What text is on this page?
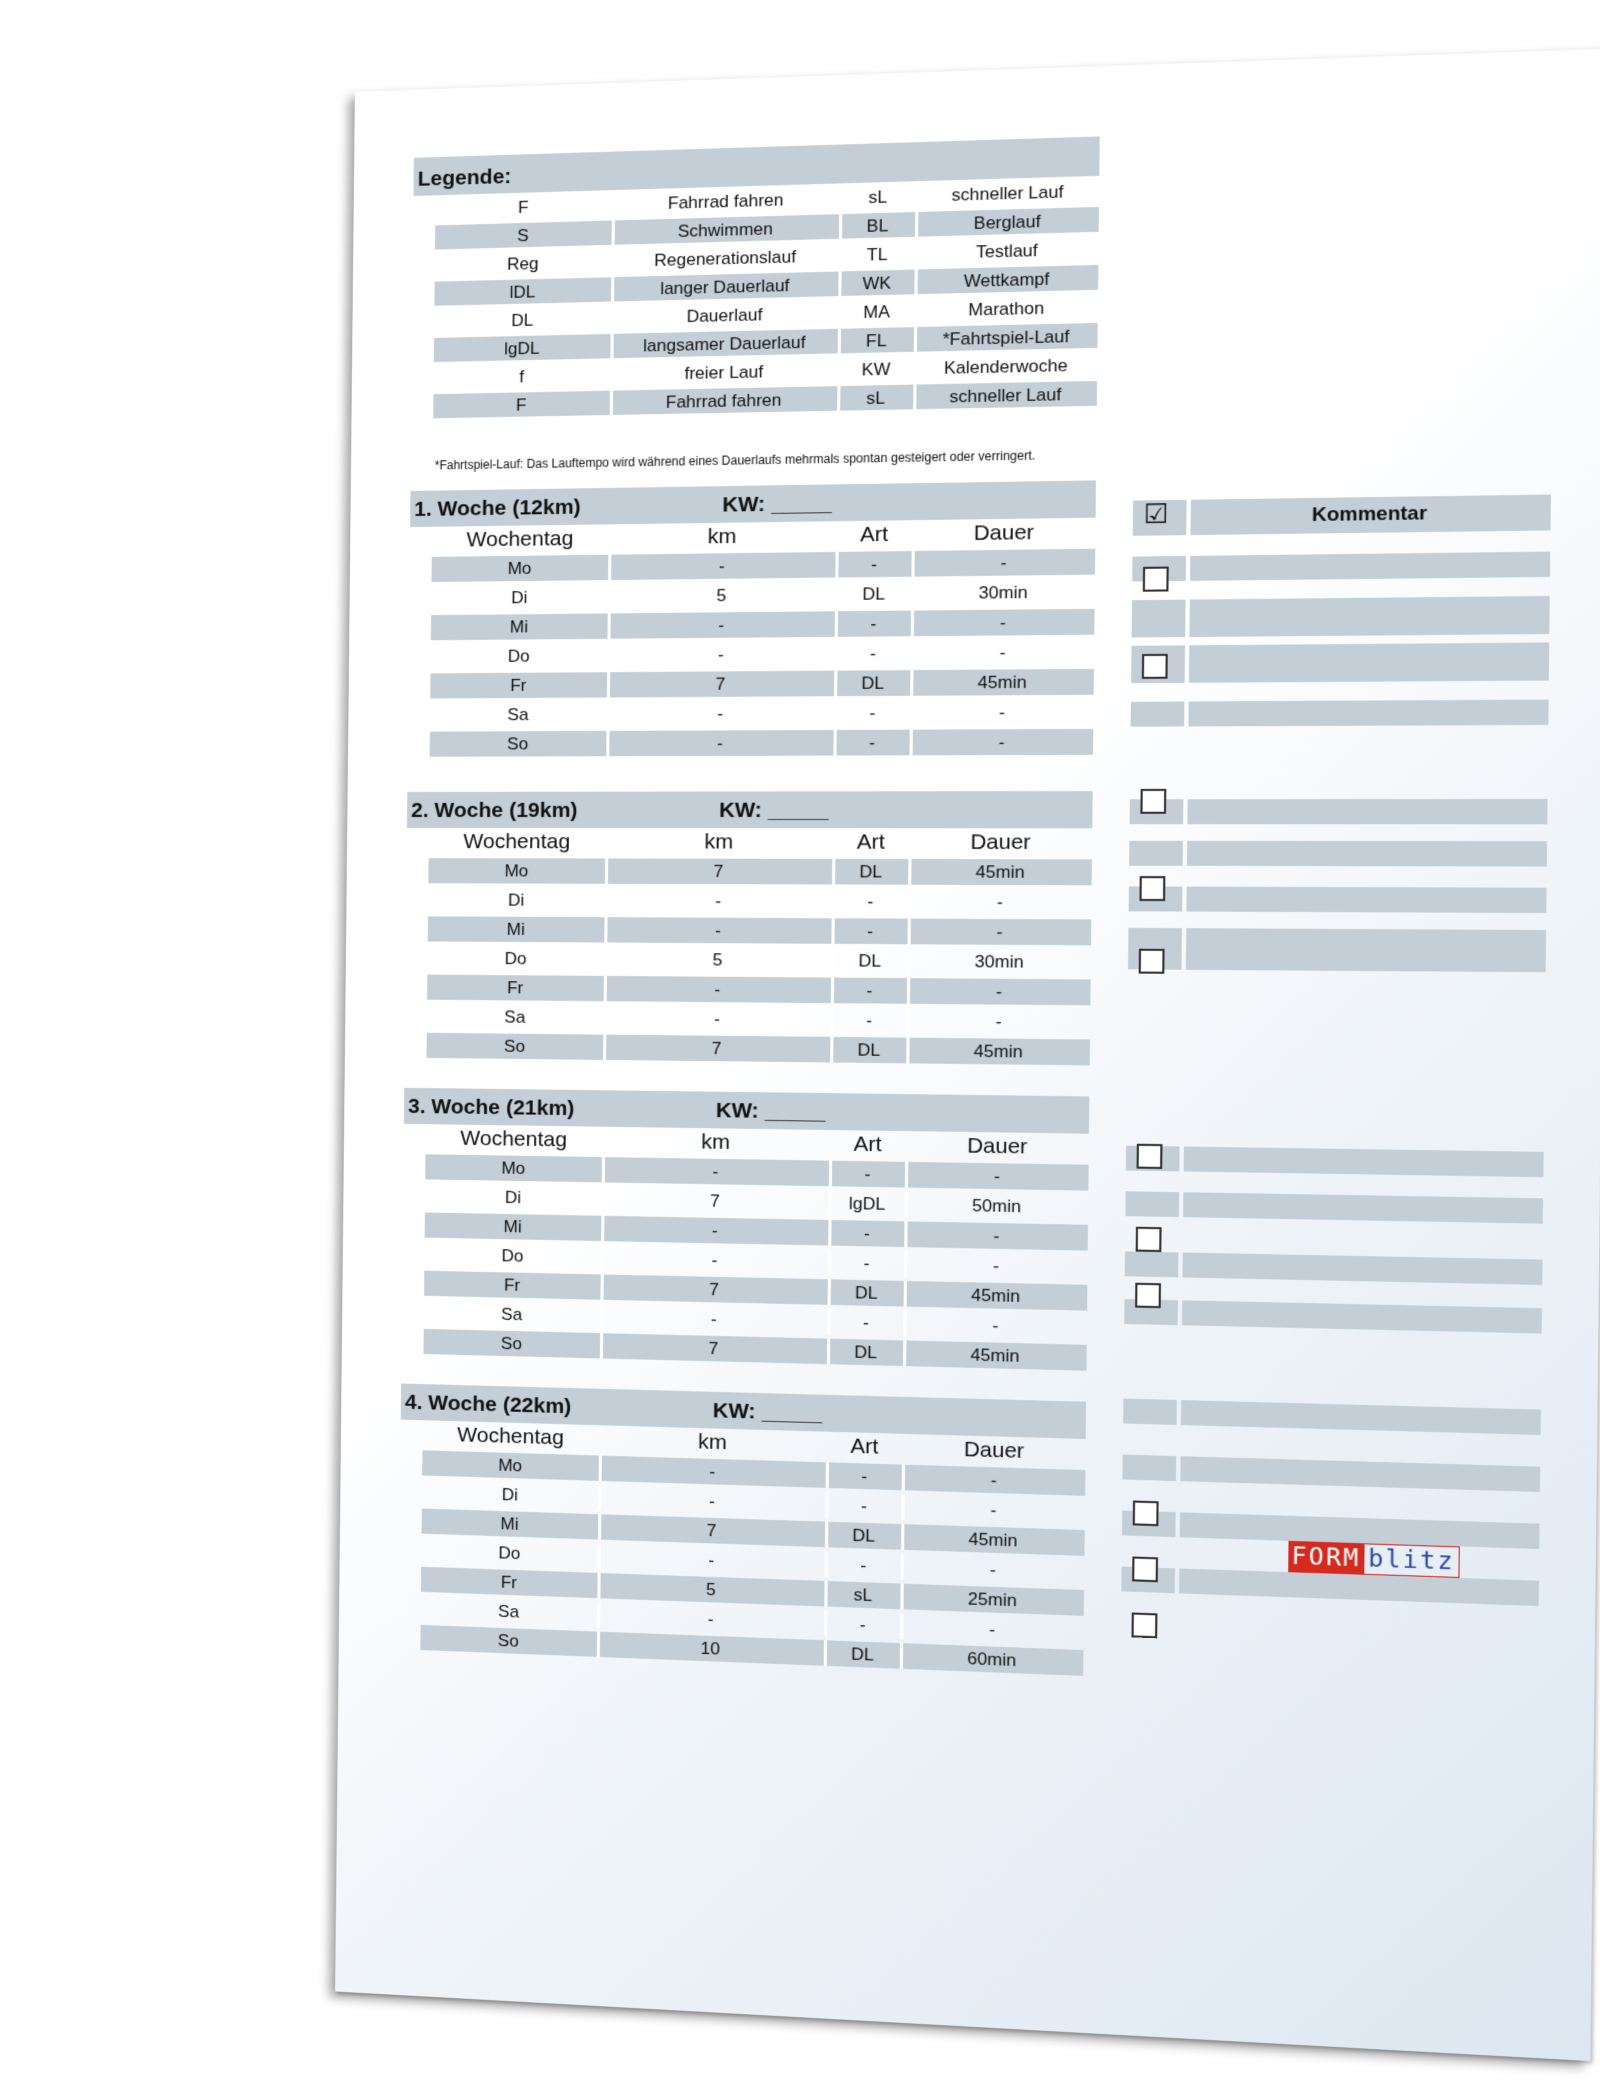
Legende:
F	Fahrrad fahren	sL	schneller Lauf
S	Schwimmen	BL	Berglauf
Reg	Regenerationslauf	TL	Testlauf
lDL	langer Dauerlauf	WK	Wettkampf
DL	Dauerlauf	MA	Marathon
lgDL	langsamer Dauerlauf	FL	*Fahrtspiel-Lauf
f	freier Lauf	KW	Kalenderwoche
F	Fahrrad fahren	sL	schneller Lauf
*Fahrtspiel-Lauf: Das Lauftempo wird während eines Dauerlaufs mehrmals spontan gesteigert oder verringert.
☑	Kommentar
1. Woche (12km)	KW: _____
Wochentag	km	Art	Dauer
Mo	-	-	-
Di	5	DL	30min
Mi	-	-	-
Do	-	-	-
Fr	7	DL	45min
Sa	-	-	-
So	-	-	-
2. Woche (19km)	KW: _____
Wochentag	km	Art	Dauer
Mo	7	DL	45min
Di	-	-	-
Mi	-	-	-
Do	5	DL	30min
Fr	-	-	-
Sa	-	-	-
So	7	DL	45min
3. Woche (21km)	KW: _____
Wochentag	km	Art	Dauer
Mo	-	-	-
Di	7	lgDL	50min
Mi	-	-	-
Do	-	-	-
Fr	7	DL	45min
Sa	-	-	-
So	7	DL	45min
4. Woche (22km)	KW: _____
Wochentag	km	Art	Dauer
Mo	-	-	-
Di	-	-	-
Mi	7	DL	45min
Do	-	-	-
Fr	5	sL	25min
Sa	-	-	-
So	10	DL	60min
FORM blitz
